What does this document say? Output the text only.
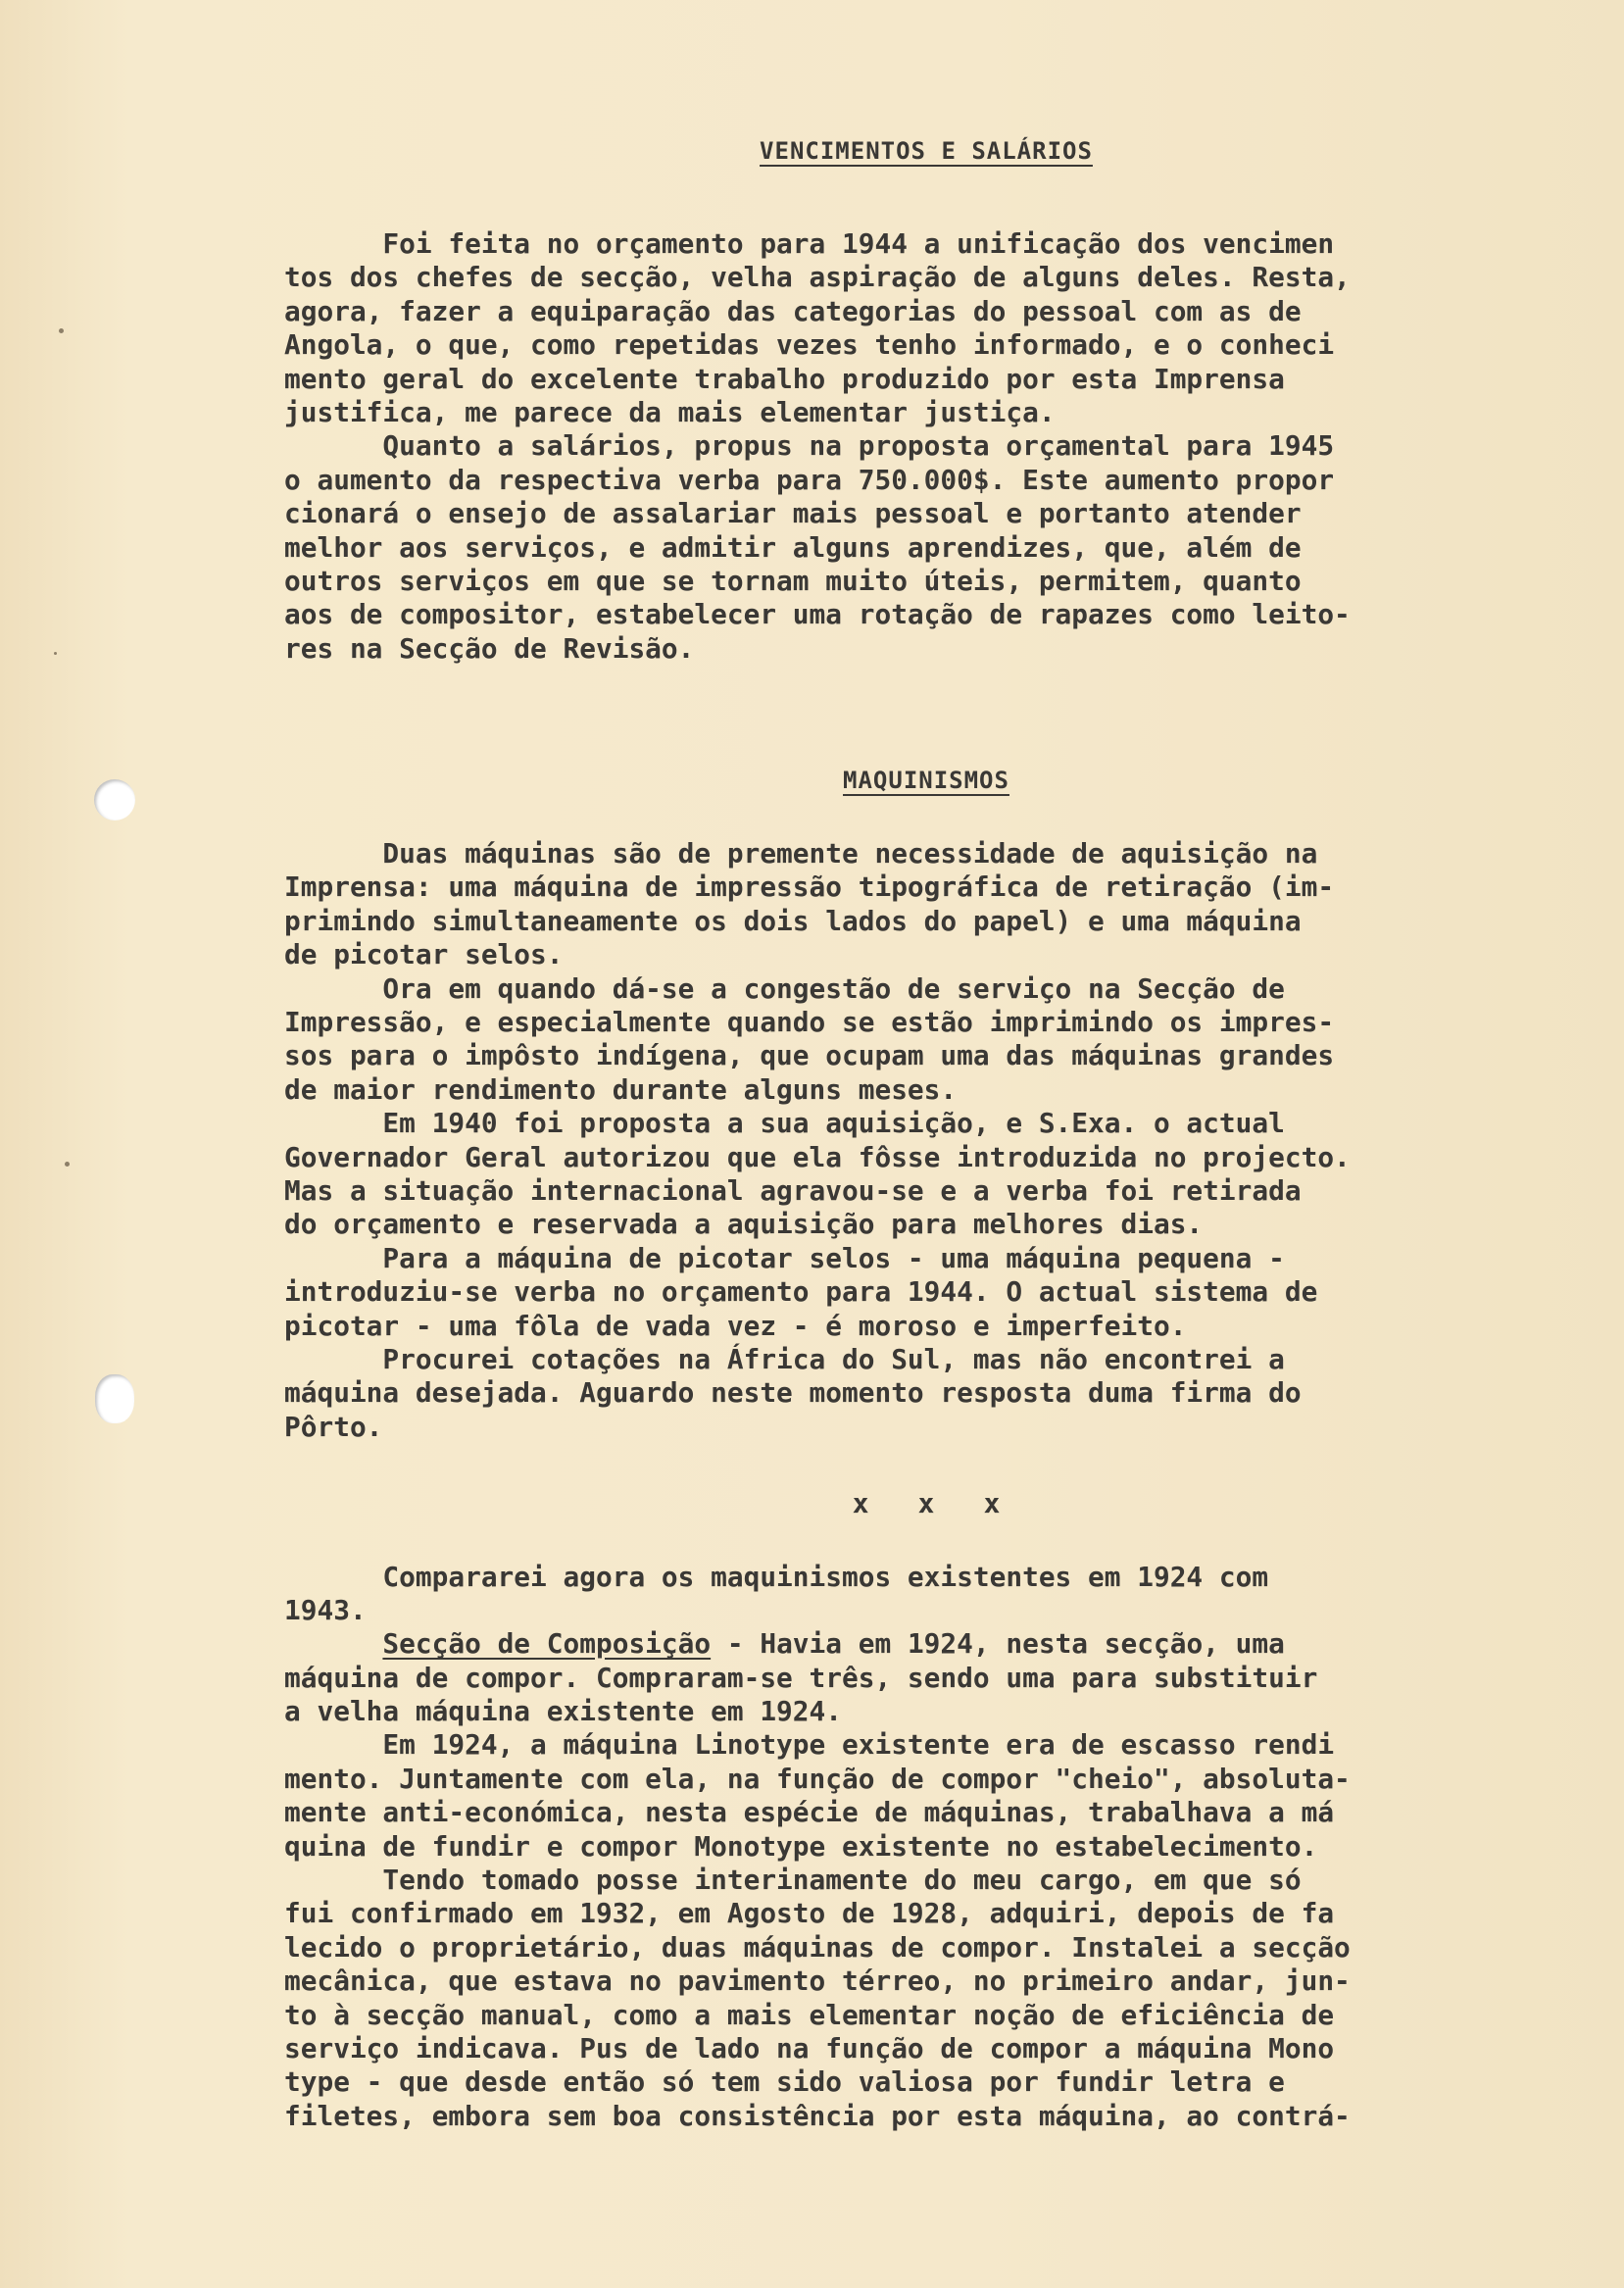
VENCIMENTOS E SALÁRIOS
Foi feita no orçamento para 1944 a unificação dos vencimen
tos dos chefes de secção, velha aspiração de alguns deles. Resta,
agora, fazer a equiparação das categorias do pessoal com as de
Angola, o que, como repetidas vezes tenho informado, e o conheci
mento geral do excelente trabalho produzido por esta Imprensa
justifica, me parece da mais elementar justiça.
Quanto a salários, propus na proposta orçamental para 1945
o aumento da respectiva verba para 750.000$. Este aumento propor
cionará o ensejo de assalariar mais pessoal e portanto atender
melhor aos serviços, e admitir alguns aprendizes, que, além de
outros serviços em que se tornam muito úteis, permitem, quanto
aos de compositor, estabelecer uma rotação de rapazes como leito-
res na Secção de Revisão.
MAQUINISMOS
Duas máquinas são de premente necessidade de aquisição na
Imprensa: uma máquina de impressão tipográfica de retiração (im-
primindo simultaneamente os dois lados do papel) e uma máquina
de picotar selos.
Ora em quando dá-se a congestão de serviço na Secção de
Impressão, e especialmente quando se estão imprimindo os impres-
sos para o impôsto indígena, que ocupam uma das máquinas grandes
de maior rendimento durante alguns meses.
Em 1940 foi proposta a sua aquisição, e S.Exa. o actual
Governador Geral autorizou que ela fôsse introduzida no projecto.
Mas a situação internacional agravou-se e a verba foi retirada
do orçamento e reservada a aquisição para melhores dias.
Para a máquina de picotar selos - uma máquina pequena -
introduziu-se verba no orçamento para 1944. O actual sistema de
picotar - uma fôla de vada vez - é moroso e imperfeito.
Procurei cotações na África do Sul, mas não encontrei a
máquina desejada. Aguardo neste momento resposta duma firma do
Pôrto.
x   x   x
Compararei agora os maquinismos existentes em 1924 com
1943.
Secção de Composição - Havia em 1924, nesta secção, uma
máquina de compor. Compraram-se três, sendo uma para substituir
a velha máquina existente em 1924.
Em 1924, a máquina Linotype existente era de escasso rendi
mento. Juntamente com ela, na função de compor "cheio", absoluta-
mente anti-económica, nesta espécie de máquinas, trabalhava a má
quina de fundir e compor Monotype existente no estabelecimento.
Tendo tomado posse interinamente do meu cargo, em que só
fui confirmado em 1932, em Agosto de 1928, adquiri, depois de fa
lecido o proprietário, duas máquinas de compor. Instalei a secção
mecânica, que estava no pavimento térreo, no primeiro andar, jun-
to à secção manual, como a mais elementar noção de eficiência de
serviço indicava. Pus de lado na função de compor a máquina Mono
type - que desde então só tem sido valiosa por fundir letra e
filetes, embora sem boa consistência por esta máquina, ao contrá-
